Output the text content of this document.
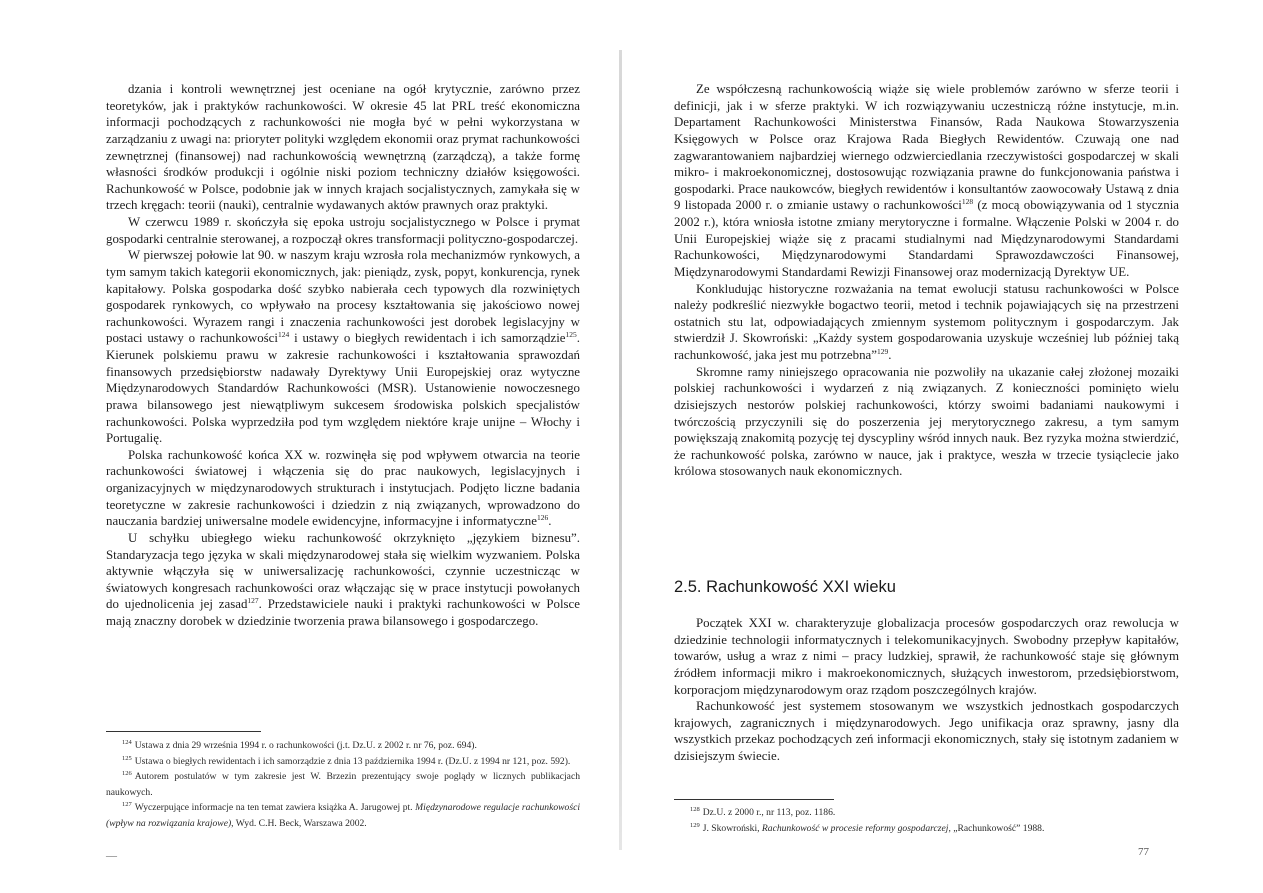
dzania i kontroli wewnętrznej jest oceniane na ogół krytycznie, zarówno przez teoretyków, jak i praktyków rachunkowości. W okresie 45 lat PRL treść ekonomiczna informacji pochodzących z rachunkowości nie mogła być w pełni wykorzystana w zarządzaniu z uwagi na: prioryteт polityki względem ekonomii oraz prymat rachunkowości zewnętrznej (finansowej) nad rachunkowością wewnętrzną (zarządczą), a także formę własności środków produkcji i ogólnie niski poziom techniczny działów księgowości. Rachunkowość w Polsce, podobnie jak w innych krajach socjalistycznych, zamykała się w trzech kręgach: teorii (nauki), centralnie wydawanych aktów prawnych oraz praktyki.

W czerwcu 1989 r. skończyła się epoka ustroju socjalistycznego w Polsce i prymat gospodarki centralnie sterowanej, a rozpoczął okres transformacji polityczno-gospodarczej.

W pierwszej połowie lat 90. w naszym kraju wzrosła rola mechanizmów rynkowych, a tym samym takich kategorii ekonomicznych, jak: pieniądz, zysk, popyt, konkurencja, rynek kapitałowy. Polska gospodarka dość szybko nabierała cech typowych dla rozwiniętych gospodarek rynkowych, co wpływało na procesy kształtowania się jakościowo nowej rachunkowości. Wyrazem rangi i znaczenia rachunkowości jest dorobek legislacyjny w postaci ustawy o rachunkowości$^{124}$ i ustawy o biegłych rewidentach i ich samorządzie$^{125}$. Kierunek polskiemu prawu w zakresie rachunkowości i kształtowania sprawozdań finansowych przedsiębiorstw nadawały Dyrektywy Unii Europejskiej oraz wytyczne Międzynarodowych Standardów Rachunkowości (MSR). Ustanowienie nowoczesnego prawa bilansowego jest niewątpliwym sukcesem środowiska polskich specjalistów rachunkowości. Polska wyprzedziła pod tym względem niektóre kraje unijne – Włochy i Portugalię.

Polska rachunkowość końca XX w. rozwinęła się pod wpływem otwarcia na teorie rachunkowości światowej i włączenia się do prac naukowych, legislacyjnych i organizacyjnych w międzynarodowych strukturach i instytucjach. Podjęto liczne badania teoretyczne w zakresie rachunkowości i dziedzin z nią związanych, wprowadzono do nauczania bardziej uniwersalne modele ewidencyjne, informacyjne i informatyczne$^{126}$.

U schyłku ubiegłego wieku rachunkowość okrzyknięto „językiem biznesu”. Standaryzacja tego języka w skali międzynarodowej stała się wielkim wyzwaniem. Polska aktywnie włączyła się w uniwersalizację rachunkowości, czynnie uczestnicząc w światowych kongresach rachunkowości oraz włączając się w prace instytucji powołanych do ujednolicenia jej zasad$^{127}$. Przedstawiciele nauki i praktyki rachunkowości w Polsce mają znaczny dorobek w dziedzinie tworzenia prawa bilansowego i gospodarczego.

$^{124}$ Ustawa z dnia 29 września 1994 r. o rachunkowości (j.t. Dz.U. z 2002 r. nr 76, poz. 694).

$^{125}$ Ustawa o biegłych rewidentach i ich samorządzie z dnia 13 października 1994 r. (Dz.U. z 1994 nr 121, poz. 592).

$^{126}$ Autorem postulatów w tym zakresie jest W. Brzezin prezentujący swoje poglądy w licznych publikacjach naukowych.

$^{127}$ Wyczerpujące informacje na ten temat zawiera książka A. Jarugowej pt. Międzynarodowe regulacje rachunkowości (wpływ na rozwiązania krajowe), Wyd. C.H. Beck, Warszawa 2002.

––

Ze współczesną rachunkowością wiąże się wiele problemów zarówno w sferze teorii i definicji, jak i w sferze praktyki. W ich rozwiązywaniu uczestniczą różne instytucje, m.in. Departament Rachunkowości Ministerstwa Finansów, Rada Naukowa Stowarzyszenia Księgowych w Polsce oraz Krajowa Rada Biegłych Rewidentów. Czuwają one nad zagwarantowaniem najbardziej wiernego odzwierciedlania rzeczywistości gospodarczej w skali mikro- i makroekonomicznej, dostosowując rozwiązania prawne do funkcjonowania państwa i gospodarki. Prace naukowców, biegłych rewidentów i konsultantów zaowocowały Ustawą z dnia 9 listopada 2000 r. o zmianie ustawy o rachunkowości$^{128}$ (z mocą obowiązywania od 1 stycznia 2002 r.), która wniosła istotne zmiany merytoryczne i formalne. Włączenie Polski w 2004 r. do Unii Europejskiej wiąże się z pracami studialnymi nad Międzynarodowymi Standardami Rachunkowości, Międzynarodowymi Standardami Sprawozdawczości Finansowej, Międzynarodowymi Standardami Rewizji Finansowej oraz modernizacją Dyrektyw UE.

Konkludując historyczne rozważania na temat ewolucji statusu rachunkowości w Polsce należy podkreślić niezwykłe bogactwo teorii, metod i technik pojawiających się na przestrzeni ostatnich stu lat, odpowiadających zmiennym systemom politycznym i gospodarczym. Jak stwierdził J. Skowroński: „Każdy system gospodarowania uzyskuje wcześniej lub później taką rachunkowość, jaka jest mu potrzebna”$^{129}$.

Skromne ramy niniejszego opracowania nie pozwoliły na ukazanie całej złożonej mozaiki polskiej rachunkowości i wydarzeń z nią związanych. Z konieczności pominięto wielu dzisiejszych nestorów polskiej rachunkowości, którzy swoimi badaniami naukowymi i twórczością przyczynili się do poszerzenia jej merytorycznego zakresu, a tym samym powiększają znakomitą pozycję tej dyscypliny wśród innych nauk. Bez ryzyka można stwierdzić, że rachunkowość polska, zarówno w nauce, jak i praktyce, weszła w trzecie tysiąclecie jako królowa stosowanych nauk ekonomicznych.

2.5. Rachunkowość XXI wieku

Początek XXI w. charakteryzuje globalizacja procesów gospodarczych oraz rewolucja w dziedzinie technologii informatycznych i telekomunikacyjnych. Swobodny przepływ kapitałów, towarów, usług a wraz z nimi – pracy ludzkiej, sprawił, że rachunkowość staje się głównym źródłem informacji mikro i makroekonomicznych, służących inwestorom, przedsiębiorstwom, korporacjom międzynarodowym oraz rządom poszczególnych krajów.

Rachunkowość jest systemem stosowanym we wszystkich jednostkach gospodarczych krajowych, zagranicznych i międzynarodowych. Jego unifikacja oraz sprawny, jasny dla wszystkich przekaz pochodzących zeń informacji ekonomicznych, stały się istotnym zadaniem w dzisiejszym świecie.

$^{128}$ Dz.U. z 2000 r., nr 113, poz. 1186.

$^{129}$ J. Skowroński, Rachunkowość w procesie reformy gospodarczej, „Rachunkowość” 1988.

77
